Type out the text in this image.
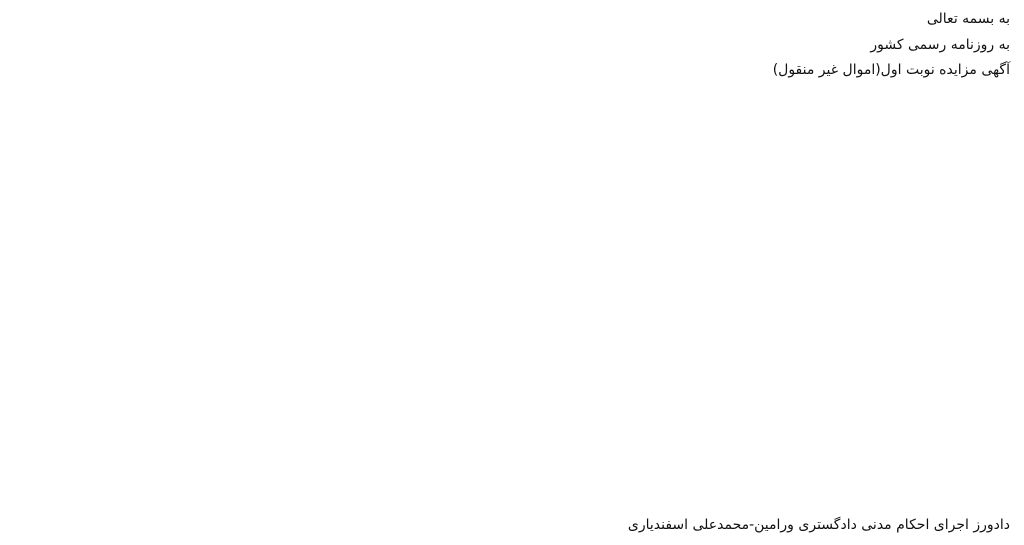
به بسمه تعالی

به روزنامه رسمی کشور

آگهی مزایده نوبت اول(اموال غیر منقول)

دادورز اجرای احکام مدنی دادگستری ورامین-محمدعلی اسفندیاری
